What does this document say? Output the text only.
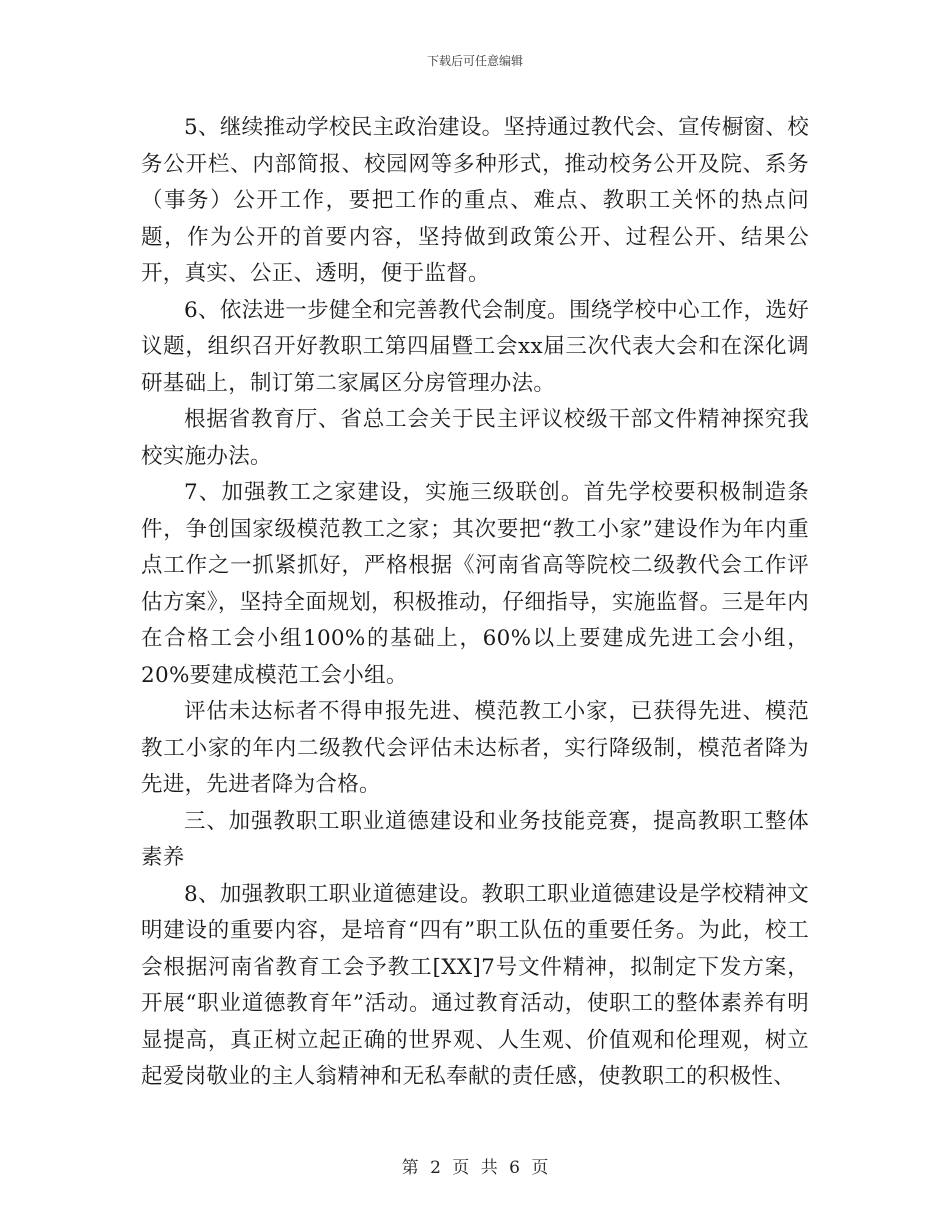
下载后可任意编辑

5、继续推动学校民主政治建设。坚持通过教代会、宣传橱窗、校务公开栏、内部简报、校园网等多种形式，推动校务公开及院、系务（事务）公开工作，要把工作的重点、难点、教职工关怀的热点问题，作为公开的首要内容，坚持做到政策公开、过程公开、结果公开，真实、公正、透明，便于监督。

6、依法进一步健全和完善教代会制度。围绕学校中心工作，选好议题，组织召开好教职工第四届暨工会xx届三次代表大会和在深化调研基础上，制订第二家属区分房管理办法。

根据省教育厅、省总工会关于民主评议校级干部文件精神探究我校实施办法。

7、加强教工之家建设，实施三级联创。首先学校要积极制造条件，争创国家级模范教工之家；其次要把“教工小家”建设作为年内重点工作之一抓紧抓好，严格根据《河南省高等院校二级教代会工作评估方案》，坚持全面规划，积极推动，仔细指导，实施监督。三是年内在合格工会小组100%的基础上，60%以上要建成先进工会小组，20%要建成模范工会小组。

评估未达标者不得申报先进、模范教工小家，已获得先进、模范教工小家的年内二级教代会评估未达标者，实行降级制，模范者降为先进，先进者降为合格。

三、加强教职工职业道德建设和业务技能竞赛，提高教职工整体素养

8、加强教职工职业道德建设。教职工职业道德建设是学校精神文明建设的重要内容，是培育“四有”职工队伍的重要任务。为此，校工会根据河南省教育工会予教工[XX]7号文件精神，拟制定下发方案，开展“职业道德教育年”活动。通过教育活动，使职工的整体素养有明显提高，真正树立起正确的世界观、人生观、价值观和伦理观，树立起爱岗敬业的主人翁精神和无私奉献的责任感，使教职工的积极性、

第 2 页 共 6 页
